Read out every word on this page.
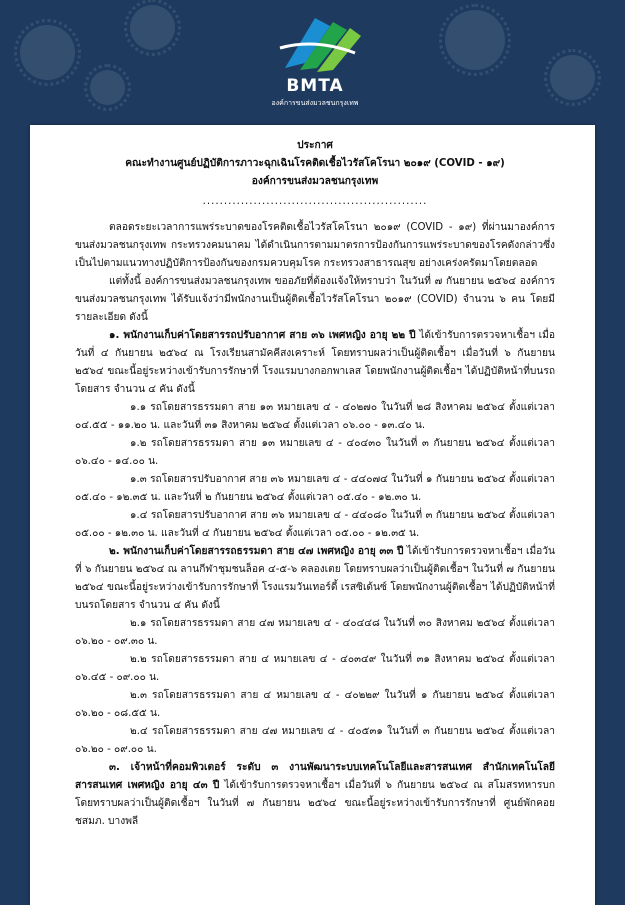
BMTA
องค์การขนส่งมวลชนกรุงเทพ

ประกาศ

คณะทำงานศูนย์ปฏิบัติการภาวะฉุกเฉินโรคติดเชื้อไวรัสโคโรนา ๒๐๑๙ (COVID - ๑๙)

องค์การขนส่งมวลชนกรุงเทพ

.....................................................

ตลอดระยะเวลาการแพร่ระบาดของโรคติดเชื้อไวรัสโคโรนา ๒๐๑๙ (COVID - ๑๙) ที่ผ่านมาองค์การขนส่งมวลชนกรุงเทพ กระทรวงคมนาคม ได้ดำเนินการตามมาตรการป้องกันการแพร่ระบาดของโรคดังกล่าวซึ่งเป็นไปตามแนวทางปฏิบัติการป้องกันของกรมควบคุมโรค กระทรวงสาธารณสุข อย่างเคร่งครัดมาโดยตลอด

แต่ทั้งนี้ องค์การขนส่งมวลชนกรุงเทพ ขออภัยที่ต้องแจ้งให้ทราบว่า ในวันที่ ๗ กันยายน ๒๕๖๔ องค์การขนส่งมวลชนกรุงเทพ ได้รับแจ้งว่ามีพนักงานเป็นผู้ติดเชื้อไวรัสโคโรนา ๒๐๑๙ (COVID) จำนวน ๖ คน โดยมีรายละเอียด ดังนี้

๑. พนักงานเก็บค่าโดยสารรถปรับอากาศ สาย ๓๖ เพศหญิง อายุ ๒๒ ปี ได้เข้ารับการตรวจหาเชื้อฯ เมื่อวันที่ ๔ กันยายน ๒๕๖๔ ณ โรงเรียนสามัคคีสงเคราะห์ โดยทราบผลว่าเป็นผู้ติดเชื้อฯ เมื่อวันที่ ๖ กันยายน ๒๕๖๔ ขณะนี้อยู่ระหว่างเข้ารับการรักษาที่ โรงแรมบางกอกพาเลส โดยพนักงานผู้ติดเชื้อฯ ได้ปฏิบัติหน้าที่บนรถโดยสาร จำนวน ๔ คัน ดังนี้

๑.๑ รถโดยสารธรรมดา สาย ๑๓ หมายเลข ๔ - ๔๐๒๗๐ ในวันที่ ๒๘ สิงหาคม ๒๕๖๔ ตั้งแต่เวลา ๐๔.๕๕ - ๑๑.๒๐ น. และวันที่ ๓๑ สิงหาคม ๒๕๖๔ ตั้งแต่เวลา ๐๖.๐๐ - ๑๓.๔๐ น.

๑.๒ รถโดยสารธรรมดา สาย ๑๓ หมายเลข ๔ - ๔๐๔๓๐ ในวันที่ ๓ กันยายน ๒๕๖๔ ตั้งแต่เวลา ๐๖.๔๐ - ๑๔.๐๐ น.

๑.๓ รถโดยสารปรับอากาศ สาย ๓๖ หมายเลข ๔ - ๔๔๐๗๔ ในวันที่ ๑ กันยายน ๒๕๖๔ ตั้งแต่เวลา ๐๕.๔๐ - ๑๒.๓๕ น. และวันที่ ๒ กันยายน ๒๕๖๔ ตั้งแต่เวลา ๐๕.๔๐ - ๑๒.๓๐ น.

๑.๔ รถโดยสารปรับอากาศ สาย ๓๖ หมายเลข ๔ - ๔๔๐๘๐ ในวันที่ ๓ กันยายน ๒๕๖๔ ตั้งแต่เวลา ๐๕.๐๐ - ๑๒.๓๐ น. และวันที่ ๔ กันยายน ๒๕๖๔ ตั้งแต่เวลา ๐๕.๐๐ - ๑๒.๓๕ น.

๒. พนักงานเก็บค่าโดยสารรถธรรมดา สาย ๔๗ เพศหญิง อายุ ๓๓ ปี ได้เข้ารับการตรวจหาเชื้อฯ เมื่อวันที่ ๖ กันยายน ๒๕๖๔ ณ ลานกีฬาชุมชนล็อค ๔-๕-๖ คลองเตย โดยทราบผลว่าเป็นผู้ติดเชื้อฯ ในวันที่ ๗ กันยายน ๒๕๖๔ ขณะนี้อยู่ระหว่างเข้ารับการรักษาที่ โรงแรมวันเทอร์ดี้ เรสซิเด้นซ์ โดยพนักงานผู้ติดเชื้อฯ ได้ปฏิบัติหน้าที่บนรถโดยสาร จำนวน ๔ คัน ดังนี้

๒.๑ รถโดยสารธรรมดา สาย ๔๗ หมายเลข ๔ - ๔๐๔๔๘ ในวันที่ ๓๐ สิงหาคม ๒๕๖๔ ตั้งแต่เวลา ๐๖.๒๐ - ๐๙.๓๐ น.

๒.๒ รถโดยสารธรรมดา สาย ๔ หมายเลข ๔ - ๔๐๓๔๙ ในวันที่ ๓๑ สิงหาคม ๒๕๖๔ ตั้งแต่เวลา ๐๖.๔๕ - ๐๙.๐๐ น.

๒.๓ รถโดยสารธรรมดา สาย ๔ หมายเลข ๔ - ๔๐๒๒๙ ในวันที่ ๑ กันยายน ๒๕๖๔ ตั้งแต่เวลา ๐๖.๒๐ - ๐๘.๕๕ น.

๒.๔ รถโดยสารธรรมดา สาย ๔๗ หมายเลข ๔ - ๔๐๕๓๑ ในวันที่ ๓ กันยายน ๒๕๖๔ ตั้งแต่เวลา ๐๖.๒๐ - ๐๙.๐๐ น.

๓. เจ้าหน้าที่คอมพิวเตอร์ ระดับ ๓ งานพัฒนาระบบเทคโนโลยีและสารสนเทศ สำนักเทคโนโลยีสารสนเทศ เพศหญิง อายุ ๔๓ ปี ได้เข้ารับการตรวจหาเชื้อฯ เมื่อวันที่ ๖ กันยายน ๒๕๖๔ ณ สโมสรทหารบก โดยทราบผลว่าเป็นผู้ติดเชื้อฯ ในวันที่ ๗ กันยายน ๒๕๖๔ ขณะนี้อยู่ระหว่างเข้ารับการรักษาที่ ศูนย์พักคอย ชสมภ. บางพลี
